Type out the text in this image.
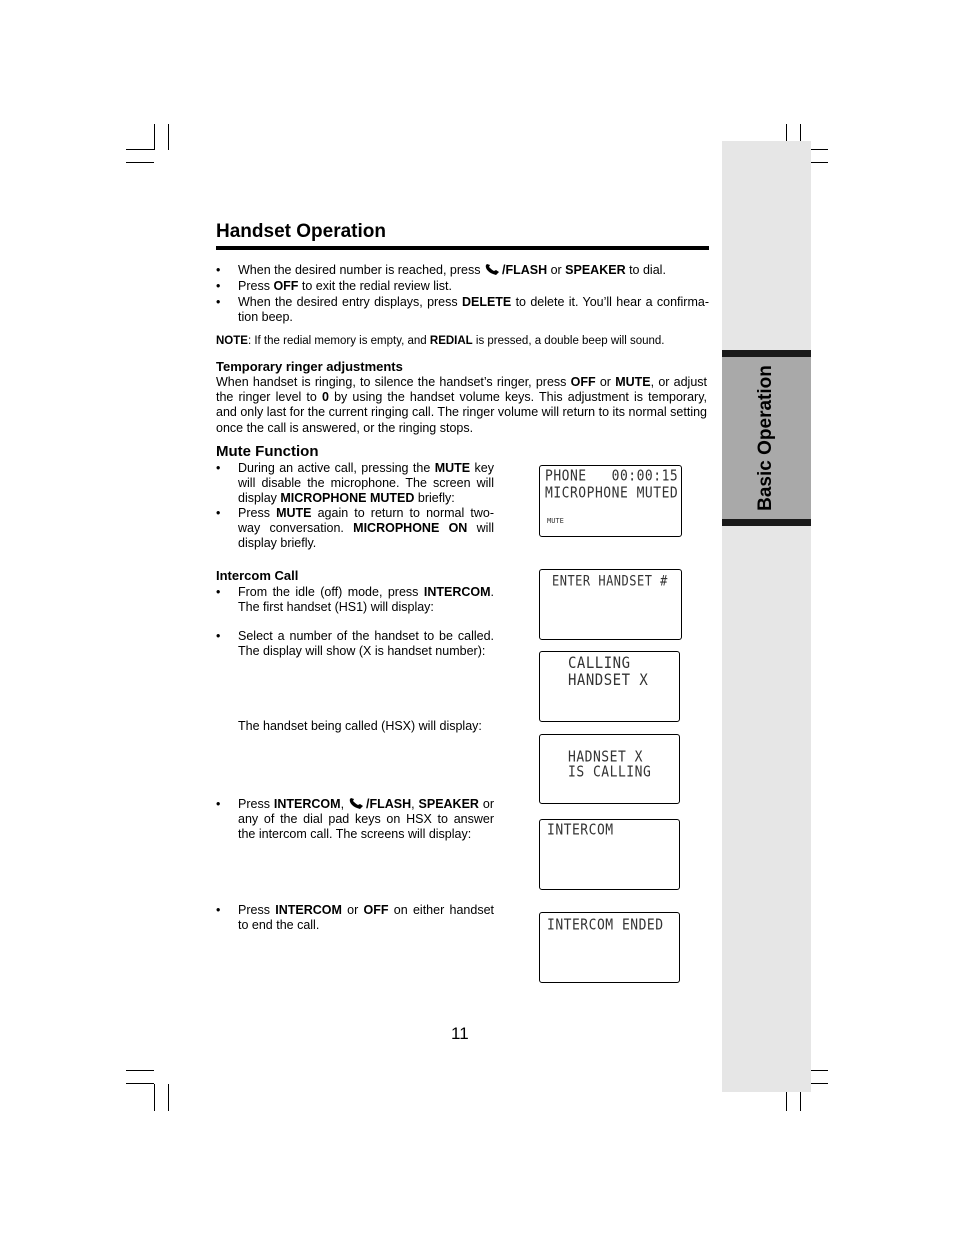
Basic Operation
Handset Operation
• When the desired number is reached, press /FLASH or SPEAKER to dial.
• Press OFF to exit the redial review list.
• When the desired entry displays, press DELETE to delete it. You’ll hear a confirma-tion beep.
NOTE: If the redial memory is empty, and REDIAL is pressed, a double beep will sound.
Temporary ringer adjustments
When handset is ringing, to silence the handset’s ringer, press OFF or MUTE, or adjust the ringer level to 0 by using the handset volume keys. This adjustment is temporary, and only last for the current ringing call. The ringer volume will return to its normal setting once the call is answered, or the ringing stops.
Mute Function
• During an active call, pressing the MUTE key will disable the microphone. The screen will display MICROPHONE MUTED briefly:
• Press MUTE again to return to normal two-way conversation. MICROPHONE ON will display briefly.
Intercom Call
• From the idle (off) mode, press INTERCOM. The first handset (HS1) will display:
• Select a number of the handset to be called. The display will show (X is handset number):
The handset being called (HSX) will display:
• Press INTERCOM, /FLASH, SPEAKER or any of the dial pad keys on HSX to answer the intercom call. The screens will display:
• Press INTERCOM or OFF on either handset to end the call.
PHONE   00:00:15
MICROPHONE MUTED
MUTE
ENTER HANDSET #
CALLING
HANDSET X
HADNSET X
IS CALLING
INTERCOM
INTERCOM ENDED
11
